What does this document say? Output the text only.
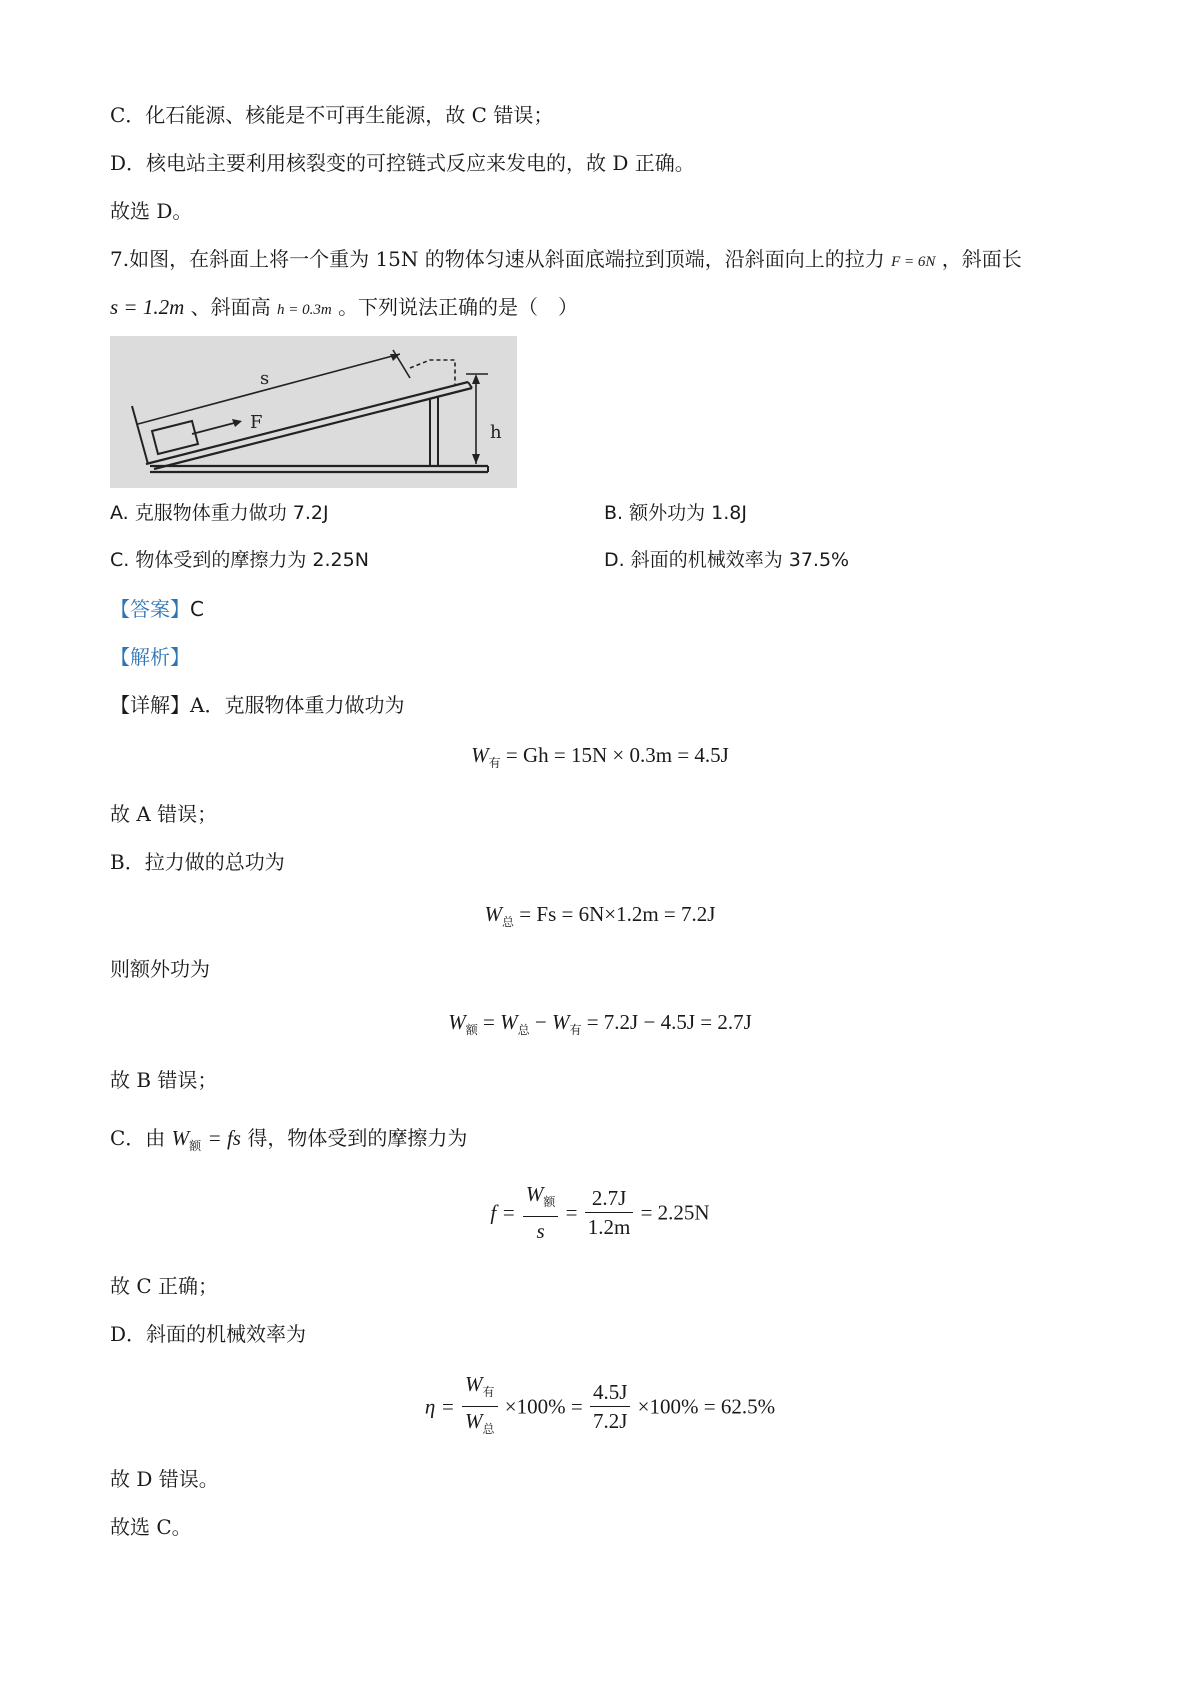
C．化石能源、核能是不可再生能源，故 C 错误；
D．核电站主要利用核裂变的可控链式反应来发电的，故 D 正确。
故选 D。
7.如图，在斜面上将一个重为 15N 的物体匀速从斜面底端拉到顶端，沿斜面向上的拉力 F = 6N ，斜面长
s = 1.2m 、斜面高 h = 0.3m 。下列说法正确的是（　）
s
F	h
A. 克服物体重力做功 7.2J	B. 额外功为 1.8J
C. 物体受到的摩擦力为 2.25N	D. 斜面的机械效率为 37.5%
【答案】C
【解析】
【详解】A．克服物体重力做功为
$W_有 = Gh = 15N \times 0.3m = 4.5J$
故 A 错误；
B．拉力做的总功为
$W_总 = Fs = 6N\times 1.2m = 7.2J$
则额外功为
$W_额 = W_总 - W_有 = 7.2J - 4.5J = 2.7J$
故 B 错误；
C．由 $W_额$ = fs 得，物体受到的摩擦力为
$f = \frac{W_额}{s} = \frac{2.7J}{1.2m} = 2.25N$
故 C 正确；
D．斜面的机械效率为
$\eta = \frac{W_有}{W_总} \times 100\% = \frac{4.5J}{7.2J} \times 100\% = 62.5\%$
故 D 错误。
故选 C。
